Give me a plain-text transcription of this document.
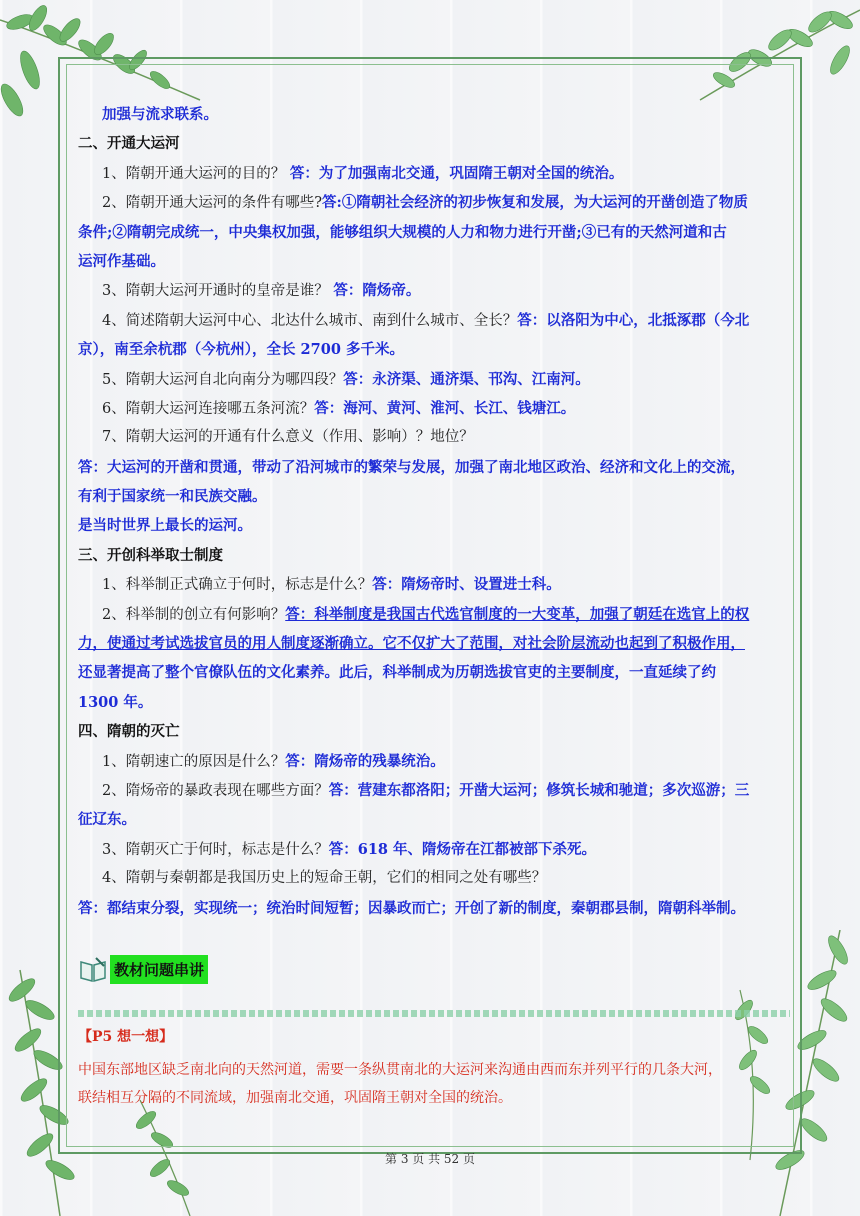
加强与流求联系。
二、开通大运河
1、隋朝开通大运河的目的？ 答：为了加强南北交通，巩固隋王朝对全国的统治。
2、隋朝开通大运河的条件有哪些?答:①隋朝社会经济的初步恢复和发展，为大运河的开凿创造了物质
条件;②隋朝完成统一，中央集权加强，能够组织大规模的人力和物力进行开凿;③已有的天然河道和古
运河作基础。
3、隋朝大运河开通时的皇帝是谁？ 答：隋炀帝。
4、简述隋朝大运河中心、北达什么城市、南到什么城市、全长？答：以洛阳为中心，北抵涿郡（今北
京），南至余杭郡（今杭州），全长 2700 多千米。
5、隋朝大运河自北向南分为哪四段？答：永济渠、通济渠、邗沟、江南河。
6、隋朝大运河连接哪五条河流？答：海河、黄河、淮河、长江、钱塘江。
7、隋朝大运河的开通有什么意义（作用、影响）？地位？
答：大运河的开凿和贯通，带动了沿河城市的繁荣与发展，加强了南北地区政治、经济和文化上的交流，
有利于国家统一和民族交融。
是当时世界上最长的运河。
三、开创科举取士制度
1、科举制正式确立于何时，标志是什么？答：隋炀帝时、设置进士科。
2、科举制的创立有何影响？答：科举制度是我国古代选官制度的一大变革，加强了朝廷在选官上的权
力，使通过考试选拔官员的用人制度逐渐确立。它不仅扩大了范围，对社会阶层流动也起到了积极作用，
还显著提高了整个官僚队伍的文化素养。此后，科举制成为历朝选拔官吏的主要制度，一直延续了约
1300 年。
四、隋朝的灭亡
1、隋朝速亡的原因是什么？答：隋炀帝的残暴统治。
2、隋炀帝的暴政表现在哪些方面？答：营建东都洛阳；开凿大运河；修筑长城和驰道；多次巡游；三
征辽东。
3、隋朝灭亡于何时，标志是什么？答：618 年、隋炀帝在江都被部下杀死。
4、隋朝与秦朝都是我国历史上的短命王朝，它们的相同之处有哪些？
答：都结束分裂，实现统一；统治时间短暂；因暴政而亡；开创了新的制度，秦朝郡县制，隋朝科举制。
教材问题串讲
【P5 想一想】
中国东部地区缺乏南北向的天然河道，需要一条纵贯南北的大运河来沟通由西而东并列平行的几条大河，
联结相互分隔的不同流域，加强南北交通，巩固隋王朝对全国的统治。
第 3 页 共 52 页
